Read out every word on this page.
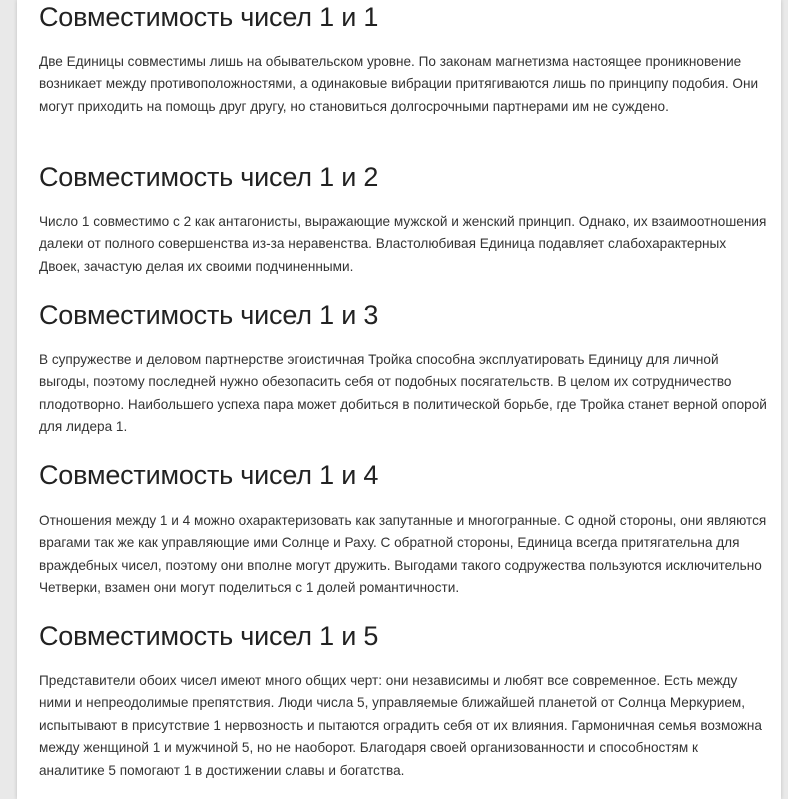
Совместимость чисел 1 и 1

Две Единицы совместимы лишь на обывательском уровне. По законам магнетизма настоящее проникновение возникает между противоположностями, а одинаковые вибрации притягиваются лишь по принципу подобия. Они могут приходить на помощь друг другу, но становиться долгосрочными партнерами им не суждено.

Совместимость чисел 1 и 2

Число 1 совместимо с 2 как антагонисты, выражающие мужской и женский принцип. Однако, их взаимоотношения далеки от полного совершенства из-за неравенства. Властолюбивая Единица подавляет слабохарактерных Двоек, зачастую делая их своими подчиненными.

Совместимость чисел 1 и 3

В супружестве и деловом партнерстве эгоистичная Тройка способна эксплуатировать Единицу для личной выгоды, поэтому последней нужно обезопасить себя от подобных посягательств. В целом их сотрудничество плодотворно. Наибольшего успеха пара может добиться в политической борьбе, где Тройка станет верной опорой для лидера 1.

Совместимость чисел 1 и 4

Отношения между 1 и 4 можно охарактеризовать как запутанные и многогранные. С одной стороны, они являются врагами так же как управляющие ими Солнце и Раху. С обратной стороны, Единица всегда притягательна для враждебных чисел, поэтому они вполне могут дружить. Выгодами такого содружества пользуются исключительно Четверки, взамен они могут поделиться с 1 долей романтичности.

Совместимость чисел 1 и 5

Представители обоих чисел имеют много общих черт: они независимы и любят все современное. Есть между ними и непреодолимые препятствия. Люди числа 5, управляемые ближайшей планетой от Солнца Меркурием, испытывают в присутствие 1 нервозность и пытаются оградить себя от их влияния. Гармоничная семья возможна между женщиной 1 и мужчиной 5, но не наоборот. Благодаря своей организованности и способностям к аналитике 5 помогают 1 в достижении славы и богатства.
